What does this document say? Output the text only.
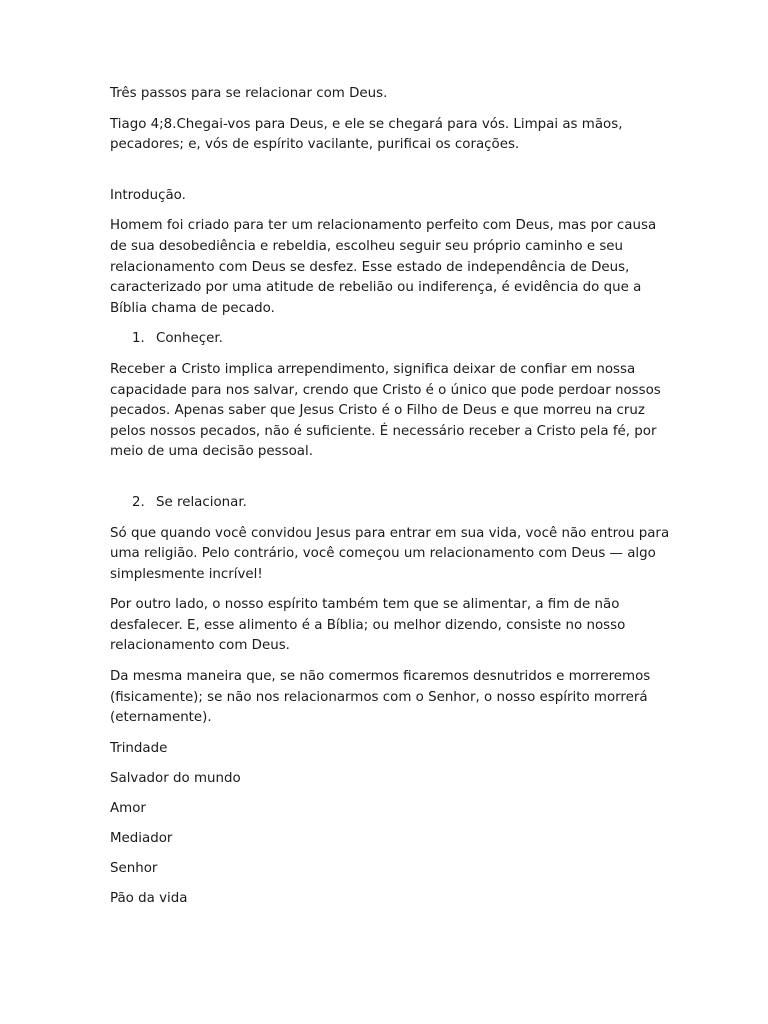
Três passos para se relacionar com Deus.

Tiago 4;8.Chegai-vos para Deus, e ele se chegará para vós. Limpai as mãos, pecadores; e, vós de espírito vacilante, purificai os corações.

Introdução.

Homem foi criado para ter um relacionamento perfeito com Deus, mas por causa de sua desobediência e rebeldia, escolheu seguir seu próprio caminho e seu relacionamento com Deus se desfez. Esse estado de independência de Deus, caracterizado por uma atitude de rebelião ou indiferença, é evidência do que a Bíblia chama de pecado.

1. Conheçer.

Receber a Cristo implica arrependimento, significa deixar de confiar em nossa capacidade para nos salvar, crendo que Cristo é o único que pode perdoar nossos pecados. Apenas saber que Jesus Cristo é o Filho de Deus e que morreu na cruz pelos nossos pecados, não é suficiente. É necessário receber a Cristo pela fé, por meio de uma decisão pessoal.

2. Se relacionar.

Só que quando você convidou Jesus para entrar em sua vida, você não entrou para uma religião. Pelo contrário, você começou um relacionamento com Deus — algo simplesmente incrível!

Por outro lado, o nosso espírito também tem que se alimentar, a fim de não desfalecer. E, esse alimento é a Bíblia; ou melhor dizendo, consiste no nosso relacionamento com Deus.

Da mesma maneira que, se não comermos ficaremos desnutridos e morreremos (fisicamente); se não nos relacionarmos com o Senhor, o nosso espírito morrerá (eternamente).

Trindade

Salvador do mundo

Amor

Mediador

Senhor

Pão da vida
